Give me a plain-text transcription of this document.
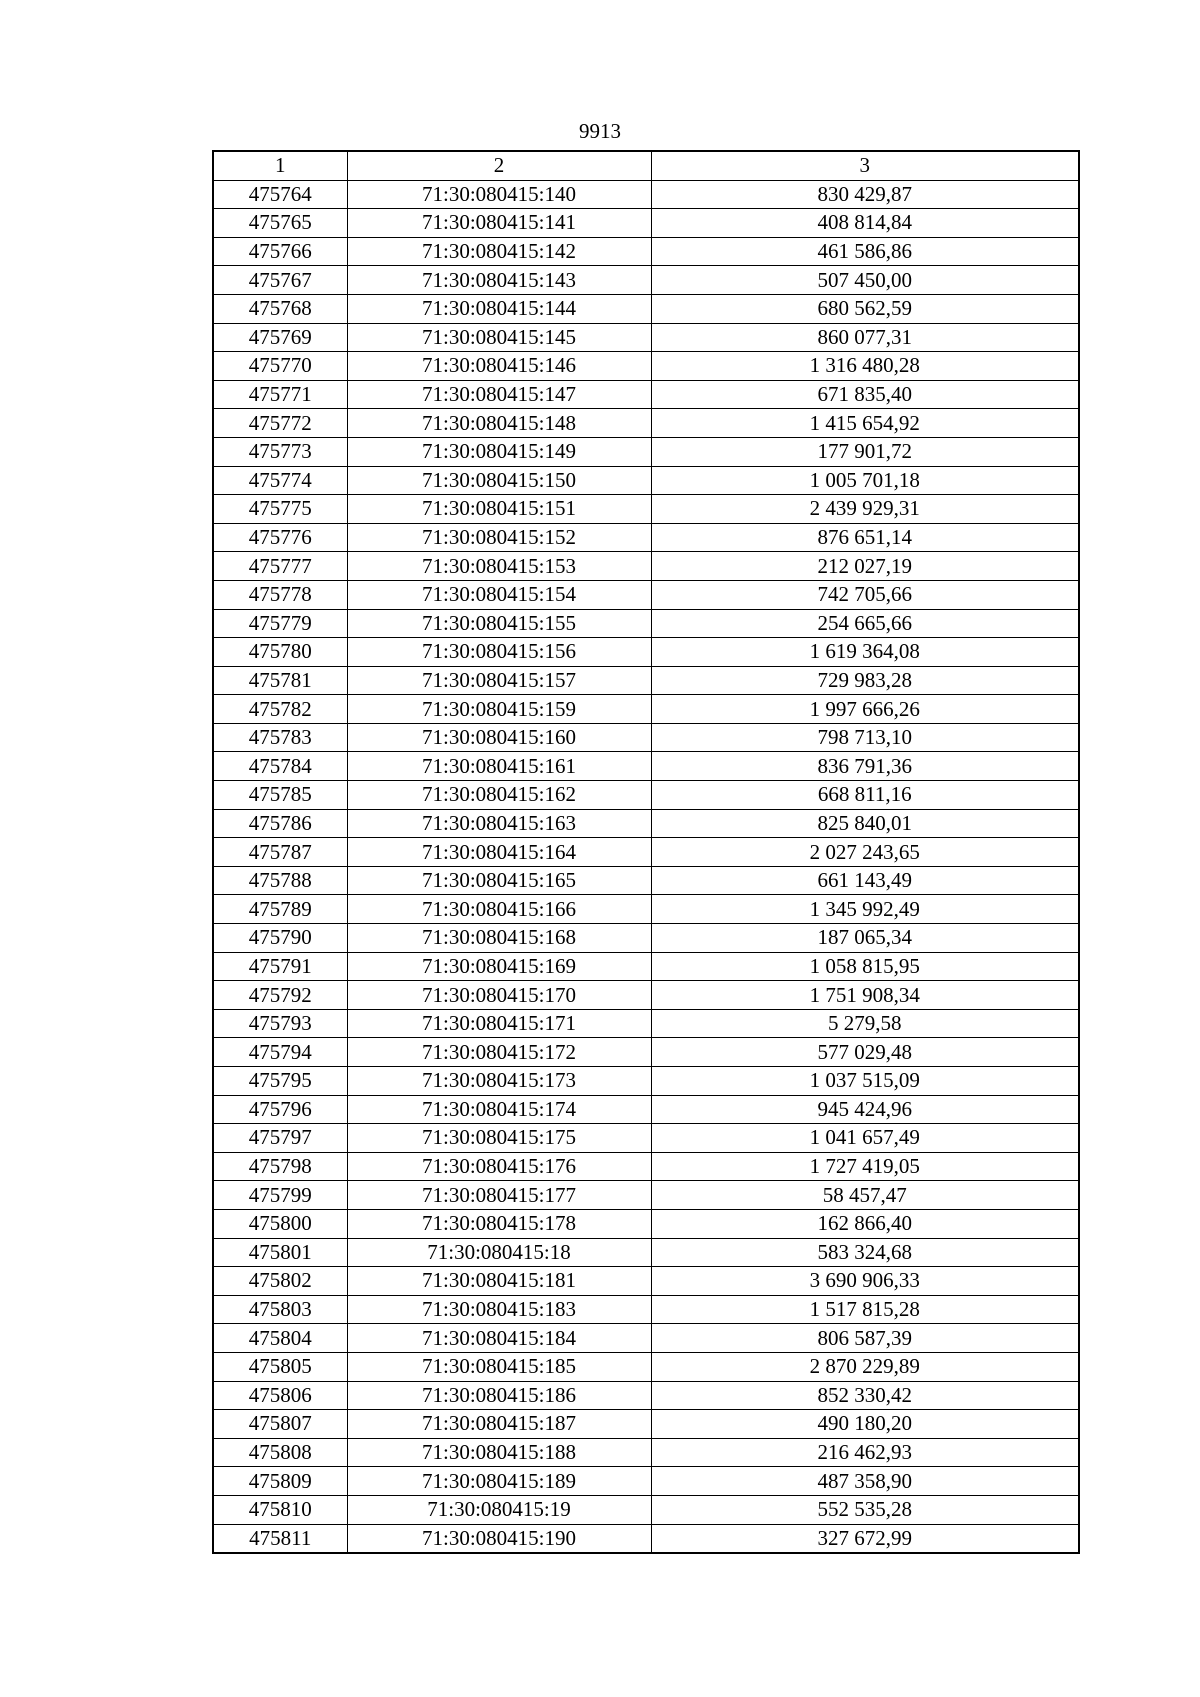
9913
1	2	3
475764	71:30:080415:140	830 429,87
475765	71:30:080415:141	408 814,84
475766	71:30:080415:142	461 586,86
475767	71:30:080415:143	507 450,00
475768	71:30:080415:144	680 562,59
475769	71:30:080415:145	860 077,31
475770	71:30:080415:146	1 316 480,28
475771	71:30:080415:147	671 835,40
475772	71:30:080415:148	1 415 654,92
475773	71:30:080415:149	177 901,72
475774	71:30:080415:150	1 005 701,18
475775	71:30:080415:151	2 439 929,31
475776	71:30:080415:152	876 651,14
475777	71:30:080415:153	212 027,19
475778	71:30:080415:154	742 705,66
475779	71:30:080415:155	254 665,66
475780	71:30:080415:156	1 619 364,08
475781	71:30:080415:157	729 983,28
475782	71:30:080415:159	1 997 666,26
475783	71:30:080415:160	798 713,10
475784	71:30:080415:161	836 791,36
475785	71:30:080415:162	668 811,16
475786	71:30:080415:163	825 840,01
475787	71:30:080415:164	2 027 243,65
475788	71:30:080415:165	661 143,49
475789	71:30:080415:166	1 345 992,49
475790	71:30:080415:168	187 065,34
475791	71:30:080415:169	1 058 815,95
475792	71:30:080415:170	1 751 908,34
475793	71:30:080415:171	5 279,58
475794	71:30:080415:172	577 029,48
475795	71:30:080415:173	1 037 515,09
475796	71:30:080415:174	945 424,96
475797	71:30:080415:175	1 041 657,49
475798	71:30:080415:176	1 727 419,05
475799	71:30:080415:177	58 457,47
475800	71:30:080415:178	162 866,40
475801	71:30:080415:18	583 324,68
475802	71:30:080415:181	3 690 906,33
475803	71:30:080415:183	1 517 815,28
475804	71:30:080415:184	806 587,39
475805	71:30:080415:185	2 870 229,89
475806	71:30:080415:186	852 330,42
475807	71:30:080415:187	490 180,20
475808	71:30:080415:188	216 462,93
475809	71:30:080415:189	487 358,90
475810	71:30:080415:19	552 535,28
475811	71:30:080415:190	327 672,99
